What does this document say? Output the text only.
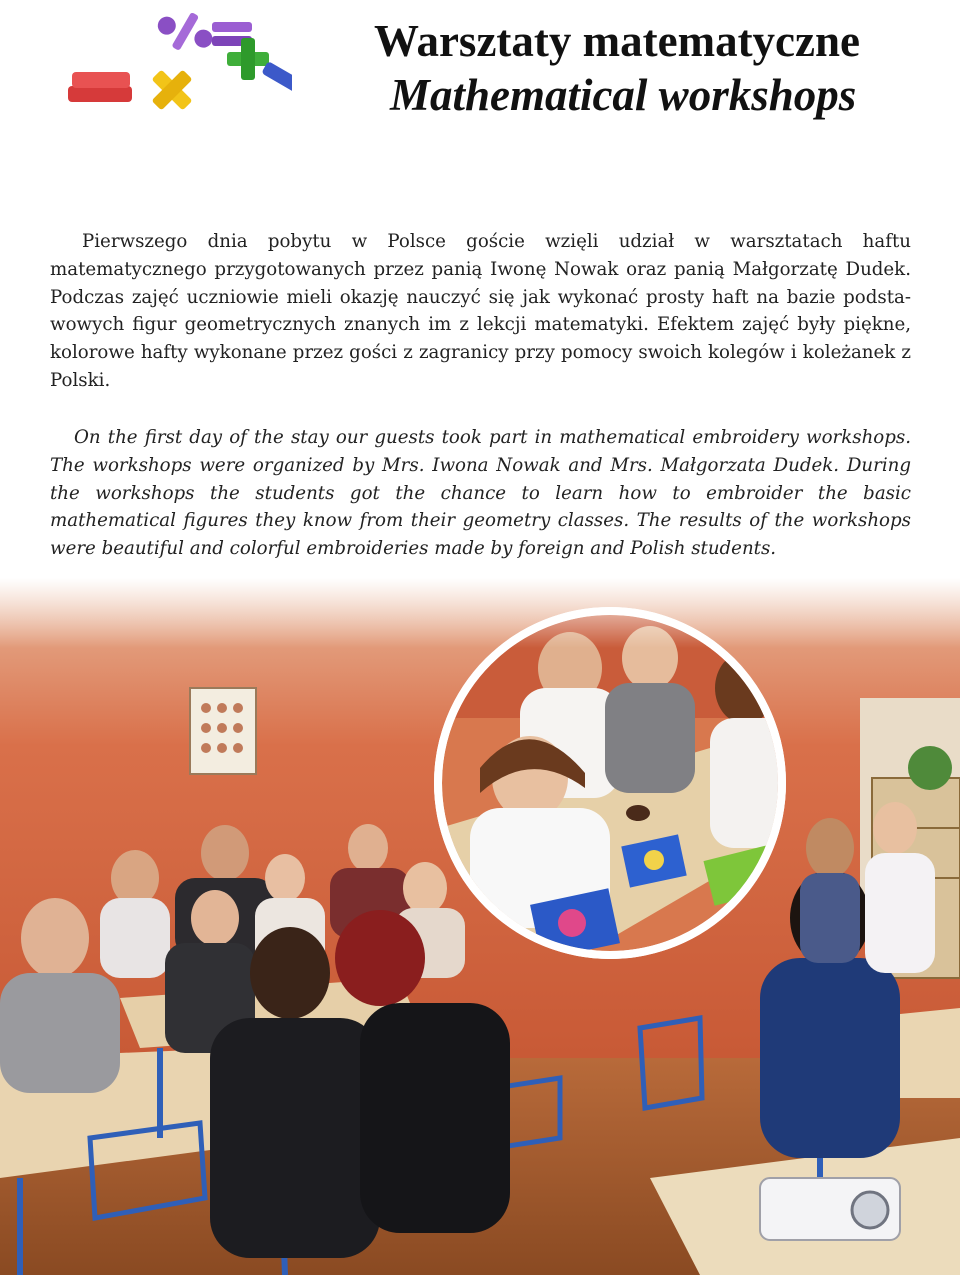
Warsztaty matematyczne
Mathematical workshops

Pierwszego dnia pobytu w Polsce goście wzięli udział w warsztatach haftu matematycznego przygotowanych przez panią Iwonę Nowak oraz panią Małgorzatę Dudek. Podczas zajęć uczniowie mieli okazję nauczyć się jak wykonać prosty haft na bazie podsta-wowych figur geometrycznych znanych im z lekcji matematyki. Efektem zajęć były piękne, kolorowe hafty wykonane przez gości z zagranicy przy pomocy swoich kolegów i koleżanek z Polski.

On the first day of the stay our guests took part in mathematical embroidery workshops. The workshops were organized by Mrs. Iwona Nowak and Mrs. Małgorzata Dudek. During the workshops the students got the chance to learn how to embroider the basic mathematical figures they know from their geometry classes. The results of the workshops were beautiful and colorful embroideries made by foreign and Polish students.
